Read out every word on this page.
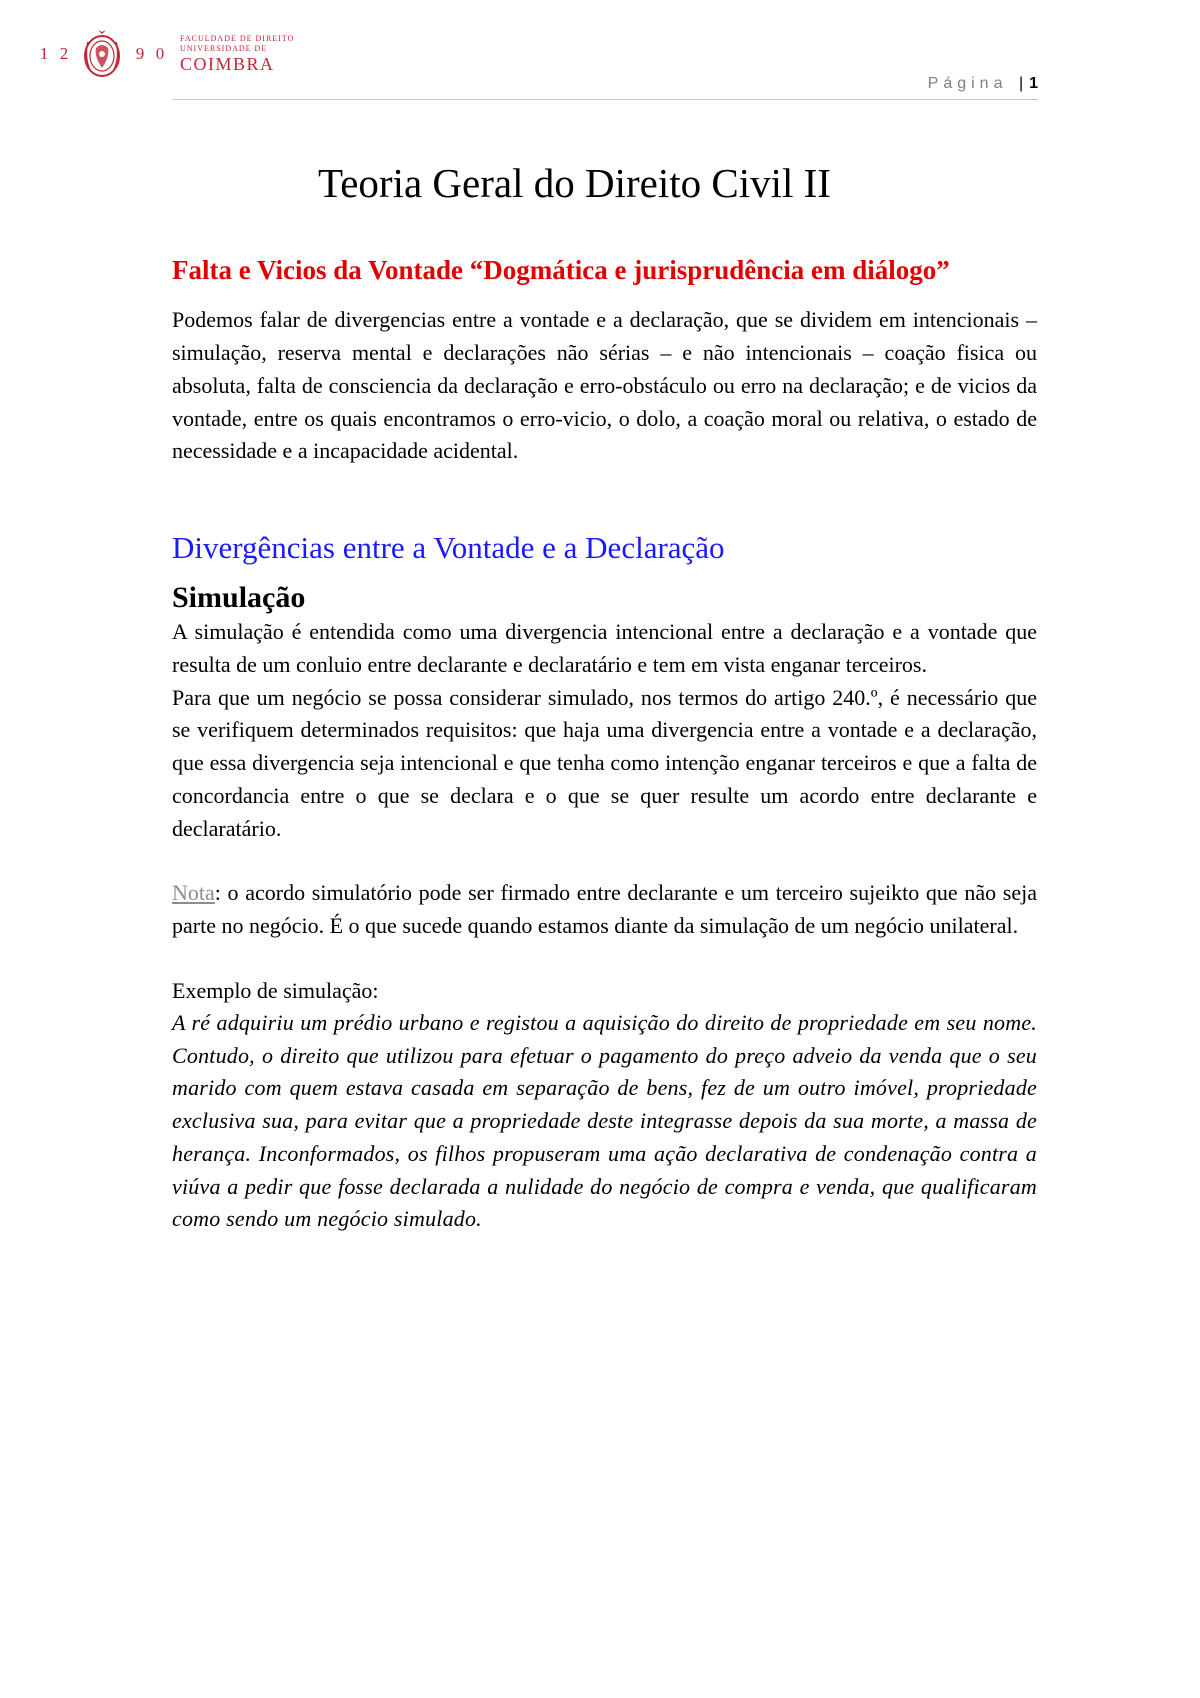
1 2	9 0
FACULDADE DE DIREITO
UNIVERSIDADE DE
COIMBRA
Página | 1
Teoria Geral do Direito Civil II
Falta e Vicios da Vontade “Dogmática e jurisprudência em diálogo”

Podemos falar de divergencias entre a vontade e a declaração, que se dividem em intencionais – simulação, reserva mental e declarações não sérias – e não intencionais – coação fisica ou absoluta, falta de consciencia da declaração e erro-obstáculo ou erro na declaração; e de vicios da vontade, entre os quais encontramos o erro-vicio, o dolo, a coação moral ou relativa, o estado de necessidade e a incapacidade acidental.

Divergências entre a Vontade e a Declaração
Simulação

A simulação é entendida como uma divergencia intencional entre a declaração e a vontade que resulta de um conluio entre declarante e declaratário e tem em vista enganar terceiros.

Para que um negócio se possa considerar simulado, nos termos do artigo 240.º, é necessário que se verifiquem determinados requisitos: que haja uma divergencia entre a vontade e a declaração, que essa divergencia seja intencional e que tenha como intenção enganar terceiros e que a falta de concordancia entre o que se declara e o que se quer resulte um acordo entre declarante e declaratário.

Nota: o acordo simulatório pode ser firmado entre declarante e um terceiro sujeikto que não seja parte no negócio. É o que sucede quando estamos diante da simulação de um negócio unilateral.

Exemplo de simulação:

A ré adquiriu um prédio urbano e registou a aquisição do direito de propriedade em seu nome. Contudo, o direito que utilizou para efetuar o pagamento do preço adveio da venda que o seu marido com quem estava casada em separação de bens, fez de um outro imóvel, propriedade exclusiva sua, para evitar que a propriedade deste integrasse depois da sua morte, a massa de herança. Inconformados, os filhos propuseram uma ação declarativa de condenação contra a viúva a pedir que fosse declarada a nulidade do negócio de compra e venda, que qualificaram como sendo um negócio simulado.
